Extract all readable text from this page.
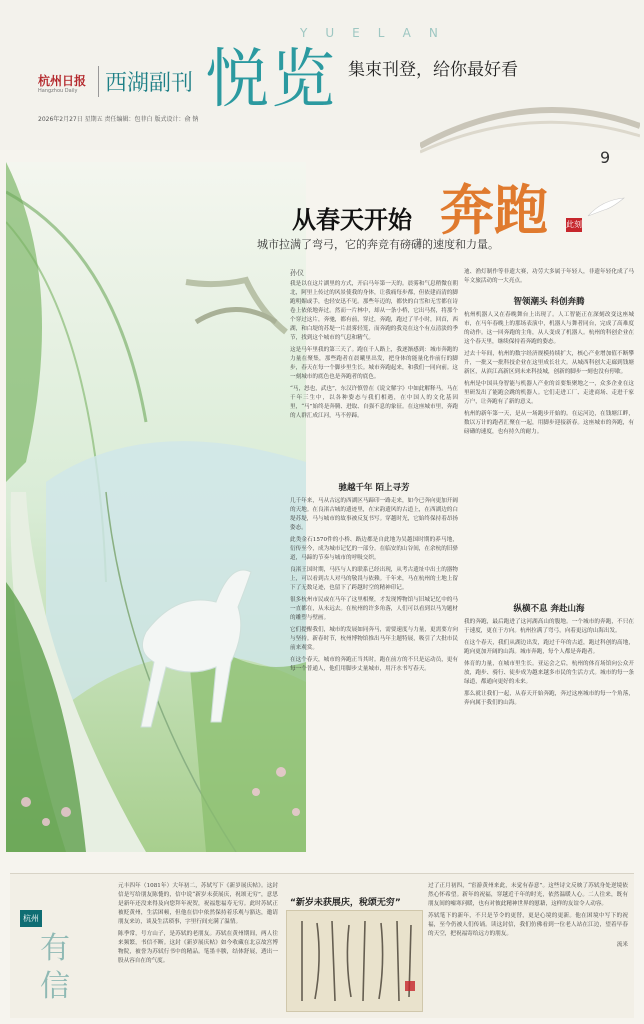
杭州日报
Hangzhou Daily	西湖副刊 悦览
YUELAN
集束刊登，给你最好看
2026年2月27日 星期五 责任编辑：包菲白 版式设计：俞 钠
9
从春天开始 奔跑 此刻
城市拉满了弯弓，它的奔竞有磅礴的速度和力量。
孙仪

我是以在这片湖里的方式，开启马年第一天的。晨雾和气息稍微在朝北，阿里上传过的风景使我的身体，让我痛每步都，但依建而清的脚跑明媚或手，也轻安迅不见。那些年迈的，都快的白雪和无雪都在诗卷上依依地奔过。然而一片林中，却从一条小桥，它出马拐，将那个个穿过这片，奔驰，都有前，穿过，奔跑，跑过了半小时，回首，西湖，和白堤的苏堤一片晨雾轻笼，而奔跑的我竟在这个有点清淡的季节，找到这个城市的气息和精气。

这是马年里我的第三天了。跑在千人路上，我逐渐感到：城市奔跑的力量在聚集，那些跑者在晨曦里出发，把身体的能量化作前行的脚步，春天在每一个脚步里生长。城市奔跑起来，和我们一同向前。这一刻城市的底色也是奔跑者的底色。

“马，怒也，武也”，东汉许慎曾在《说文解字》中如此解释马。马在千年三生中，以各种姿态与我们相遇，在中国人的文化基因里，“马”始终是奔腾、进取、自强不息的象征。在这座城市里，奔跑的人群汇成江河，马不停蹄。

驰越千年 陌上寻芳

几千年来，马从古远的西湖区马蹄印一路走来，如今已奔向更加开阔的天地。在良渚古城的遗迹里，在宋韵遗风的古道上，在西湖边的白堤苏堤，马与城市的故事被反复书写。穿越时光，它始终保持着昂扬姿态。

此类金石1570件的小桥、路边都是自此地为吴越国时期的养马地，衍传至今，成为城市记忆的一部分。在临安的山谷间，在余杭的旧驿道，马蹄的节奏与城市的呼吸交织。

良渚王国时期，马匹与人的联系已经出现，从考古遗址中出土的器物上，可以看到古人对马的敬畏与依赖。千年来，马在杭州的土地上留下了无数足迹，也留下了跨越时空的精神印记。

很多杭州市民或在马年了这里相聚，才发现博物馆与旧城记忆中的马一直都在，从未远去。在杭州的许多角落，人们可以看到以马为题材的雕塑与壁画。

它们提醒我们，城市的发展如同奔马，需要速度与力量，更需要方向与坚持。新春时节，杭州博物馆推出马年主题特展，吸引了大批市民前来观赏。

在这个春天，城市的奔跑正当其时。跑在前方的不只是运动员，更有每一个普通人，他们用脚步丈量城市，用汗水书写春天。

迪、渔灯制作等非遗大赛，功劳大多属于年轻人，非遗年轻化成了马年文旅活动的一大亮点。

智领潮头 科创奔腾

杭州机器人又在春晚舞台上出现了。人工智能正在深刻改变这座城市，在马年春晚上的那场表演中，机器人与舞者同台，完成了高难度的动作。这一回奔跑的主角，从人变成了机器人。杭州的科创企业在这个春天里，继续保持着奔跑的姿态。

过去十年间，杭州的数字经济规模持续扩大，核心产业增加值不断攀升，一批又一批科技企业在这里成长壮大。从城西科创大走廊到钱塘新区，从滨江高新区到未来科技城，创新的脚步一刻也没有停歇。

杭州是中国具身智能与机器人产业的首要集聚地之一，众多企业在这里研发出了能跑会跳的机器人。它们走进工厂、走进商场、走进千家万户，让奔跑有了新的意义。

杭州的新年第一天，是从一场跑步开始的。在运河边，在钱塘江畔，数以万计的跑者汇聚在一起，用脚步迎接新春。这座城市的奔跑，有磅礴的速度，也有持久的耐力。

纵横不息 奔赴山海

我的奔跑，最后跑进了这河湖高山的腹地。一个城市的奔跑，不只在于速度，更在于方向。杭州拉满了弯弓，向着更远的山海出发。

在这个春天，我们从湖边出发，跑过千年的古道，跑过科创的高地，跑向更加开阔的山海。城市奔跑，每个人都是奔跑者。

体育的力量，在城市里生长。亚运会之后，杭州的体育场馆向公众开放，跑步、骑行、徒步成为越来越多市民的生活方式。城市的每一条绿道，都通向更好的未来。

那么就让我们一起，从春天开始奔跑，奔过这座城市的每一个角落，奔向属于我们的山海。

杭州
有信

元丰四年（1081年）大年初二，苏轼写下《新岁展庆帖》。这封信是写给朋友陈慥的，信中说“新岁未获展庆，祝颂无穷”，意思是新年还没来得及向您拜年祝贺，祝福您福寿无穷。此时苏轼正被贬黄州，生活困顿，但他在信中依然保持着乐观与豁达，邀请朋友来访，谈及生活琐事，字里行间充满了温情。

陈季常，号方山子，是苏轼的老朋友。苏轼在黄州期间，两人往来频繁，书信不断。这封《新岁展庆帖》如今收藏在北京故宫博物院，被誉为苏轼行书中的精品。笔墨丰腴，结体舒展，透出一股从容自在的气度。

“新岁未获展庆，稅颂无穷”

过了正月初四，“宦游黄州来此，未觉有春意”。这些诗文反映了苏轼身处逆境依然心怀希望。新年的祝福，穿越近千年的时光，依然温暖人心。二人往来，既有朋友间的嘘寒问暖，也有对彼此精神世界的慰藉，这样的友谊令人动容。

苏轼笔下的新年，不只是节令的更替，更是心境的更新。他在困境中写下的祝福，至今仍被人们传诵。读这封信，我们仿佛看到一位老人站在江边，望着早春的天空，把祝福寄给远方的朋友。

流米
